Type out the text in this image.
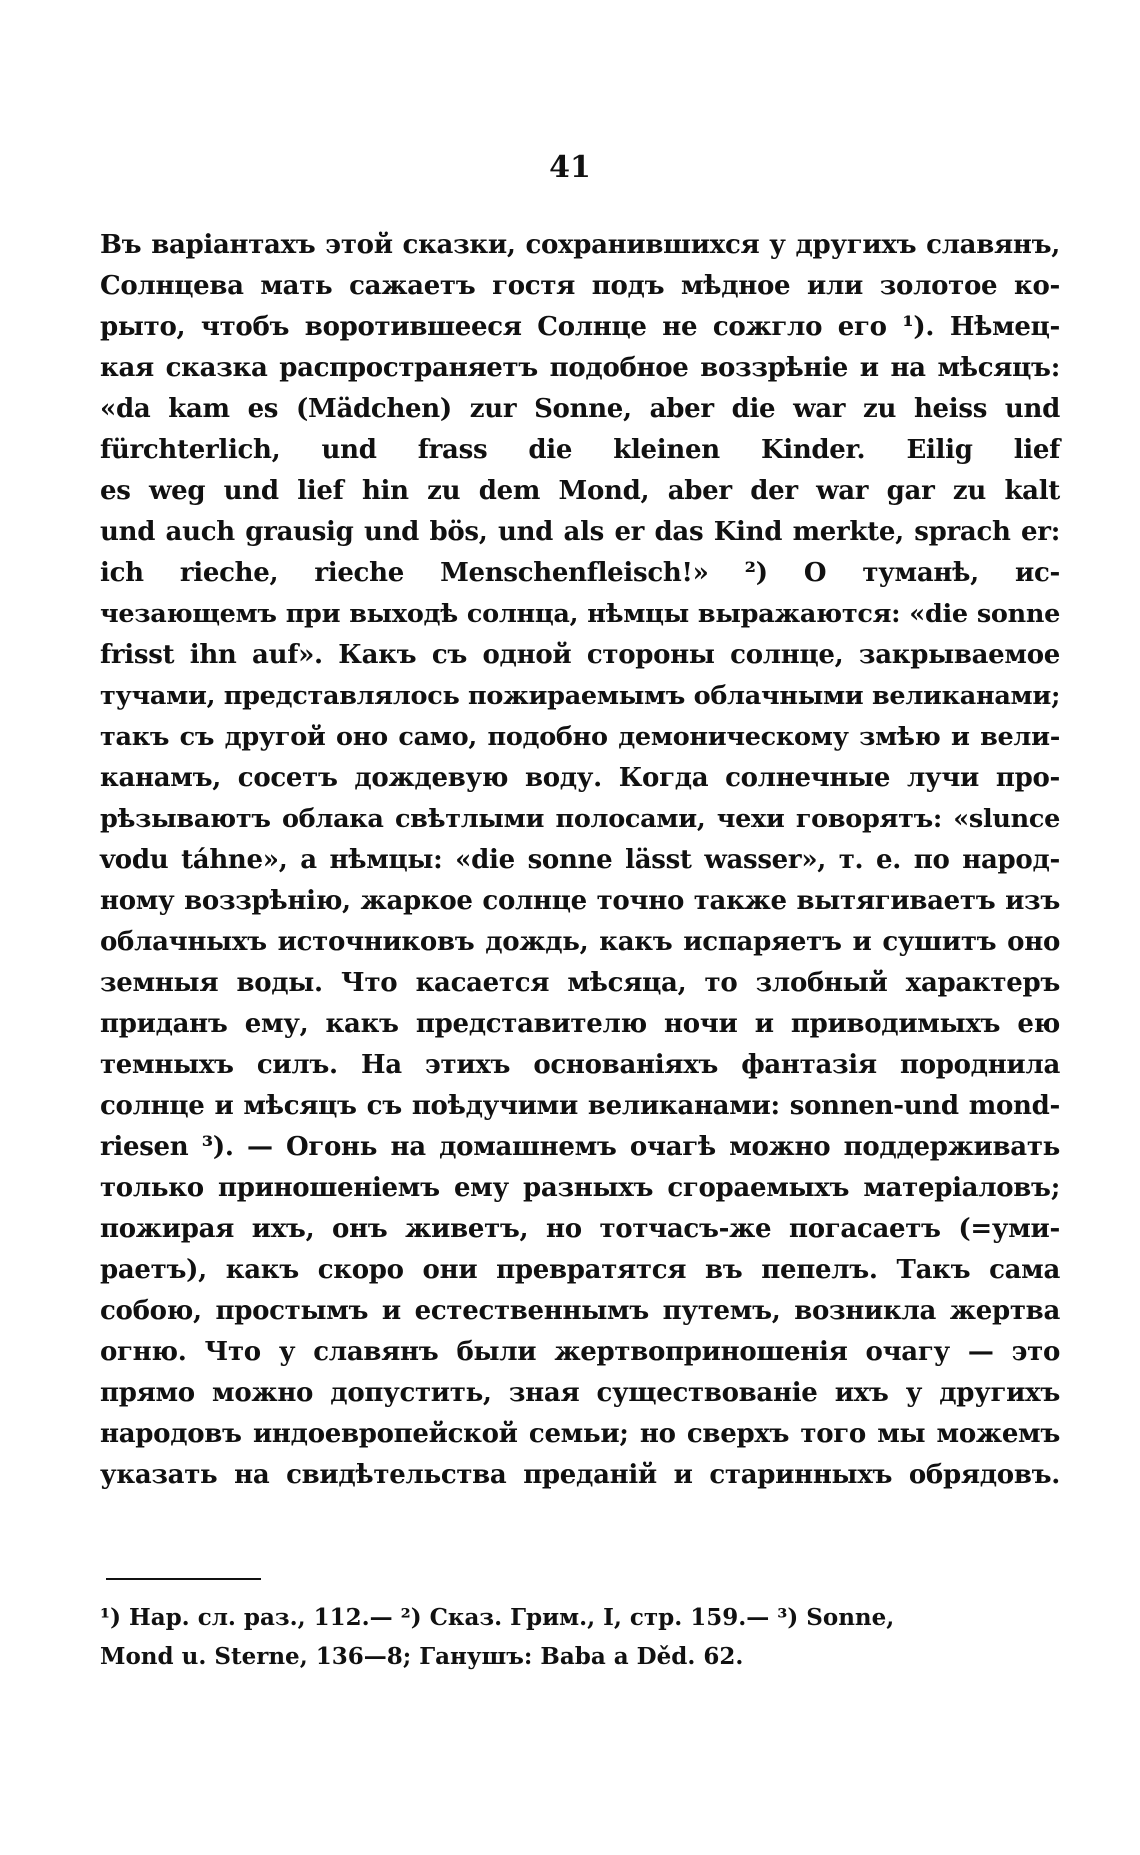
41
Въ варіантахъ этой сказки, сохранившихся у другихъ славянъ,
Солнцева мать сажаетъ гостя подъ мѣдное или золотое ко-
рыто, чтобъ воротившееся Солнце не сожгло его ¹). Нѣмец-
кая сказка распространяетъ подобное воззрѣніе и на мѣсяцъ:
«da kam es (Mädchen) zur Sonne, aber die war zu heiss und
fürchterlich, und frass die kleinen Kinder. Eilig lief
es weg und lief hin zu dem Mond, aber der war gar zu kalt
und auch grausig und bös, und als er das Kind merkte, sprach er:
ich rieche, rieche Menschenfleisch!» ²) О туманѣ, ис-
чезающемъ при выходѣ солнца, нѣмцы выражаются: «die sonne
frisst ihn auf». Какъ съ одной стороны солнце, закрываемое
тучами, представлялось пожираемымъ облачными великанами;
такъ съ другой оно само, подобно демоническому змѣю и вели-
канамъ, сосетъ дождевую воду. Когда солнечные лучи про-
рѣзываютъ облака свѣтлыми полосами, чехи говорятъ: «slunce
vodu táhne», а нѣмцы: «die sonne lässt wasser», т. е. по народ-
ному воззрѣнію, жаркое солнце точно также вытягиваетъ изъ
облачныхъ источниковъ дождь, какъ испаряетъ и сушитъ оно
земныя воды. Что касается мѣсяца, то злобный характеръ
приданъ ему, какъ представителю ночи и приводимыхъ ею
темныхъ силъ. На этихъ основаніяхъ фантазія породнила
солнце и мѣсяцъ съ поѣдучими великанами: sonnen-und mond-
riesen ³). — Огонь на домашнемъ очагѣ можно поддерживать
только приношеніемъ ему разныхъ сгораемыхъ матеріаловъ;
пожирая ихъ, онъ живетъ, но тотчасъ-же погасаетъ (=уми-
раетъ), какъ скоро они превратятся въ пепелъ. Такъ сама
собою, простымъ и естественнымъ путемъ, возникла жертва
огню. Что у славянъ были жертвоприношенія очагу — это
прямо можно допустить, зная существованіе ихъ у другихъ
народовъ индоевропейской семьи; но сверхъ того мы можемъ
указать на свидѣтельства преданій и старинныхъ обрядовъ.
¹) Нар. сл. раз., 112.— ²) Сказ. Грим., I, стр. 159.— ³) Sonne,
Mond u. Sterne, 136—8; Ганушъ: Baba a Děd. 62.
